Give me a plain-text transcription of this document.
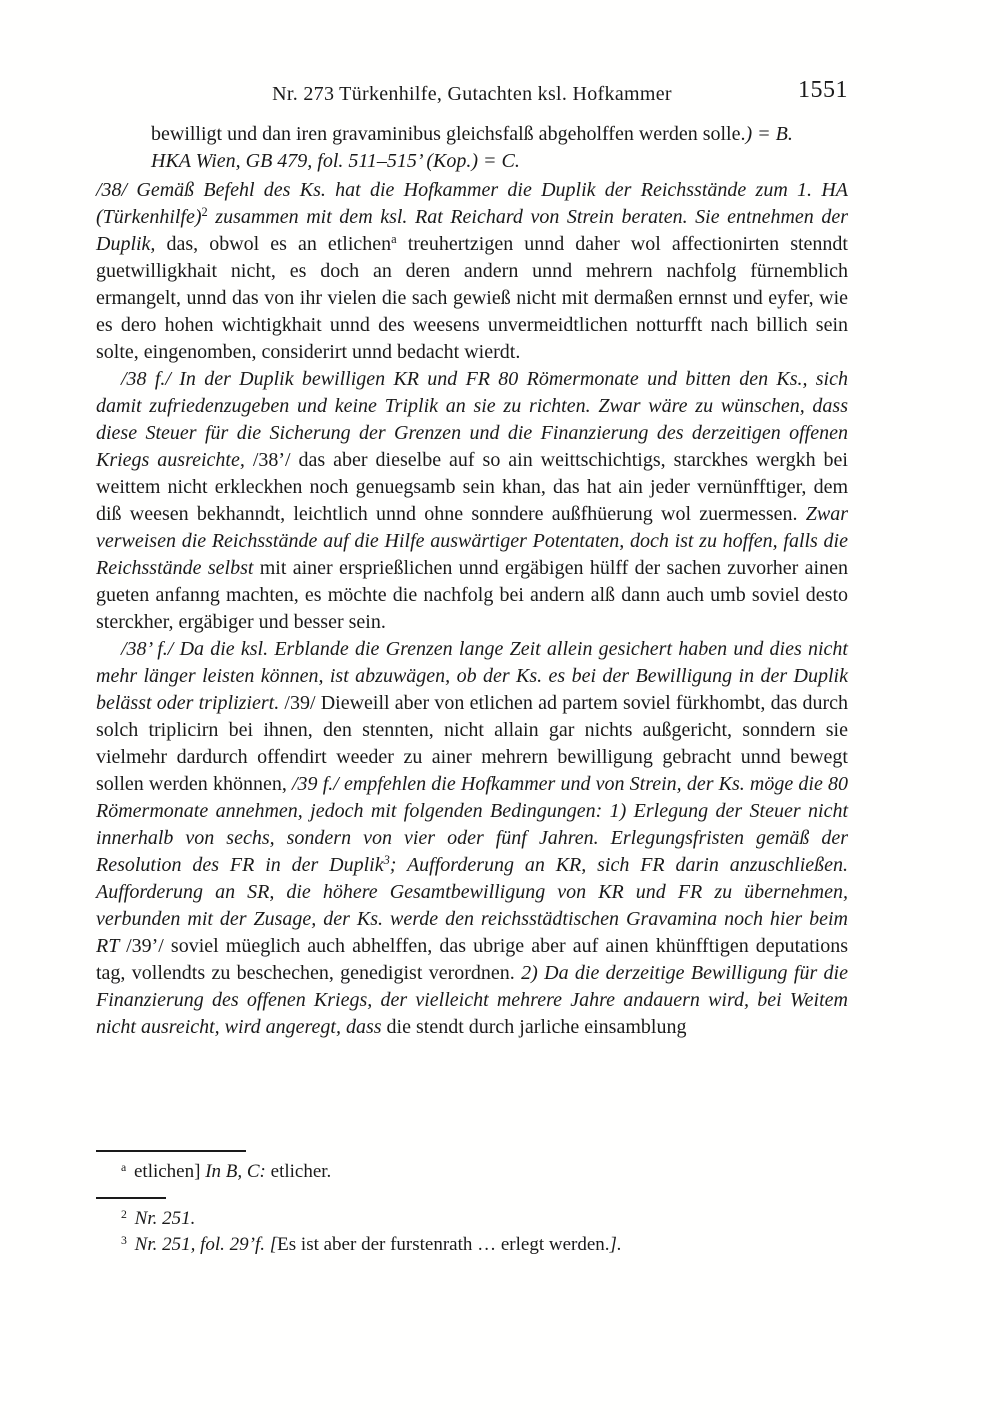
Nr. 273 Türkenhilfe, Gutachten ksl. Hofkammer	1551
bewilligt und dan iren gravaminibus gleichsfalß abgeholffen werden solle.) = B.
HKA Wien, GB 479, fol. 511–515’ (Kop.) = C.

/38/ Gemäß Befehl des Ks. hat die Hofkammer die Duplik der Reichsstände zum 1. HA (Türkenhilfe)$^2$ zusammen mit dem ksl. Rat Reichard von Strein beraten. Sie entnehmen der Duplik, das, obwol es an etlichen$^a$ treuhertzigen unnd daher wol affectionirten stenndt guetwilligkhait nicht, es doch an deren andern unnd mehrern nachfolg fürnemblich ermangelt, unnd das von ihr vielen die sach gewieß nicht mit dermaßen ernnst und eyfer, wie es dero hohen wichtigkhait unnd des weesens unvermeidtlichen notturfft nach billich sein solte, eingenomben, considerirt unnd bedacht wierdt.

/38 f./ In der Duplik bewilligen KR und FR 80 Römermonate und bitten den Ks., sich damit zufriedenzugeben und keine Triplik an sie zu richten. Zwar wäre zu wünschen, dass diese Steuer für die Sicherung der Grenzen und die Finanzierung des derzeitigen offenen Kriegs ausreichte, /38’/ das aber dieselbe auf so ain weittschichtigs, starckhes wergkh bei weittem nicht erkleckhen noch genuegsamb sein khan, das hat ain jeder vernünfftiger, dem diß weesen bekhanndt, leichtlich unnd ohne sonndere außfhüerung wol zuermessen. Zwar verweisen die Reichsstände auf die Hilfe auswärtiger Potentaten, doch ist zu hoffen, falls die Reichsstände selbst mit ainer ersprießlichen unnd ergäbigen hülff der sachen zuvorher ainen gueten anfanng machten, es möchte die nachfolg bei andern alß dann auch umb soviel desto sterckher, ergäbiger und besser sein.

/38’ f./ Da die ksl. Erblande die Grenzen lange Zeit allein gesichert haben und dies nicht mehr länger leisten können, ist abzuwägen, ob der Ks. es bei der Bewilligung in der Duplik belässt oder tripliziert. /39/ Dieweill aber von etlichen ad partem soviel fürkhombt, das durch solch triplicirn bei ihnen, den stennten, nicht allain gar nichts außgericht, sonndern sie vielmehr dardurch offendirt weeder zu ainer mehrern bewilligung gebracht unnd bewegt sollen werden khönnen, /39 f./ empfehlen die Hofkammer und von Strein, der Ks. möge die 80 Römermonate annehmen, jedoch mit folgenden Bedingungen: 1) Erlegung der Steuer nicht innerhalb von sechs, sondern von vier oder fünf Jahren. Erlegungsfristen gemäß der Resolution des FR in der Duplik$^3$; Aufforderung an KR, sich FR darin anzuschließen. Aufforderung an SR, die höhere Gesamtbewilligung von KR und FR zu übernehmen, verbunden mit der Zusage, der Ks. werde den reichsstädtischen Gravamina noch hier beim RT /39’/ soviel müeglich auch abhelffen, das ubrige aber auf ainen khünfftigen deputations tag, vollendts zu beschechen, genedigist verordnen. 2) Da die derzeitige Bewilligung für die Finanzierung des offenen Kriegs, der vielleicht mehrere Jahre andauern wird, bei Weitem nicht ausreicht, wird angeregt, dass die stendt durch jarliche einsamblung

$^a$ etlichen] In B, C: etlicher.

$^2$ Nr. 251.

$^3$ Nr. 251, fol. 29’f. [Es ist aber der furstenrath … erlegt werden.].
